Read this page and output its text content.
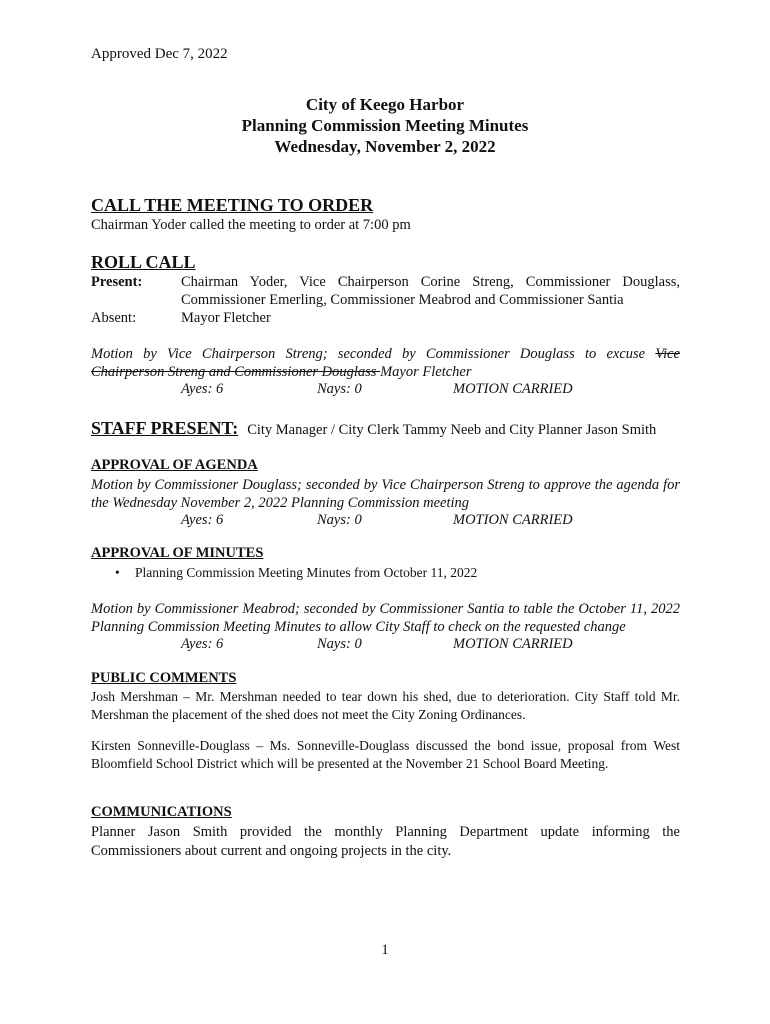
Approved Dec 7, 2022
City of Keego Harbor
Planning Commission Meeting Minutes
Wednesday, November 2, 2022
CALL THE MEETING TO ORDER
Chairman Yoder called the meeting to order at 7:00 pm
ROLL CALL
Present:	Chairman Yoder, Vice Chairperson Corine Streng, Commissioner Douglass, Commissioner Emerling, Commissioner Meabrod and Commissioner Santia
Absent:	Mayor Fletcher
Motion by Vice Chairperson Streng; seconded by Commissioner Douglass to excuse Vice Chairperson Streng and Commissioner Douglass Mayor Fletcher
Ayes: 6	Nays: 0	MOTION CARRIED
STAFF PRESENT: City Manager / City Clerk Tammy Neeb and City Planner Jason Smith
APPROVAL OF AGENDA
Motion by Commissioner Douglass; seconded by Vice Chairperson Streng to approve the agenda for the Wednesday November 2, 2022 Planning Commission meeting
Ayes: 6	Nays: 0	MOTION CARRIED
APPROVAL OF MINUTES
•	Planning Commission Meeting Minutes from October 11, 2022
Motion by Commissioner Meabrod; seconded by Commissioner Santia to table the October 11, 2022 Planning Commission Meeting Minutes to allow City Staff to check on the requested change
Ayes: 6	Nays: 0	MOTION CARRIED
PUBLIC COMMENTS
Josh Mershman – Mr. Mershman needed to tear down his shed, due to deterioration. City Staff told Mr. Mershman the placement of the shed does not meet the City Zoning Ordinances.
Kirsten Sonneville-Douglass – Ms. Sonneville-Douglass discussed the bond issue, proposal from West Bloomfield School District which will be presented at the November 21 School Board Meeting.
COMMUNICATIONS
Planner Jason Smith provided the monthly Planning Department update informing the Commissioners about current and ongoing projects in the city.
1
